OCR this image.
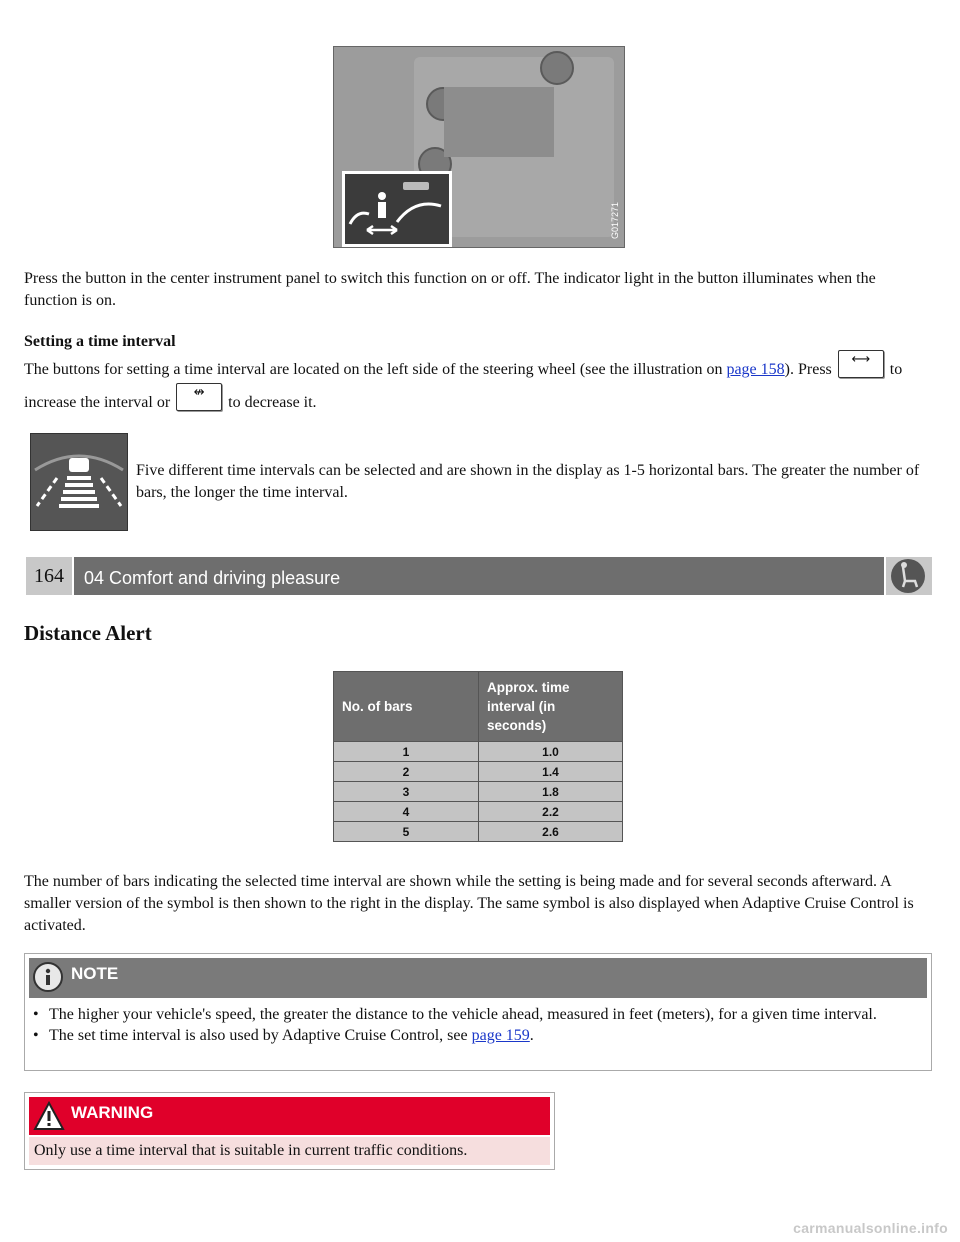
G017271
Press the button in the center instrument panel to switch this function on or off. The indicator light in the button illuminates when the function is on.
Setting a time interval
The buttons for setting a time interval are located on the left side of the steering wheel (see the illustration on page 158). Press ⟷ to increase the interval or ↮ to decrease it.
Five different time intervals can be selected and are shown in the display as 1-5 horizontal bars. The greater the number of bars, the longer the time interval.
164	04 Comfort and driving pleasure
Distance Alert
No. of bars	Approx. time interval (in seconds)
1	1.0
2	1.4
3	1.8
4	2.2
5	2.6
The number of bars indicating the selected time interval are shown while the setting is being made and for several seconds afterward. A smaller version of the symbol is then shown to the right in the display. The same symbol is also displayed when Adaptive Cruise Control is activated.
NOTE
• The higher your vehicle's speed, the greater the distance to the vehicle ahead, measured in feet (meters), for a given time interval.
• The set time interval is also used by Adaptive Cruise Control, see page 159.
WARNING
Only use a time interval that is suitable in current traffic conditions.
carmanualsonline.info
